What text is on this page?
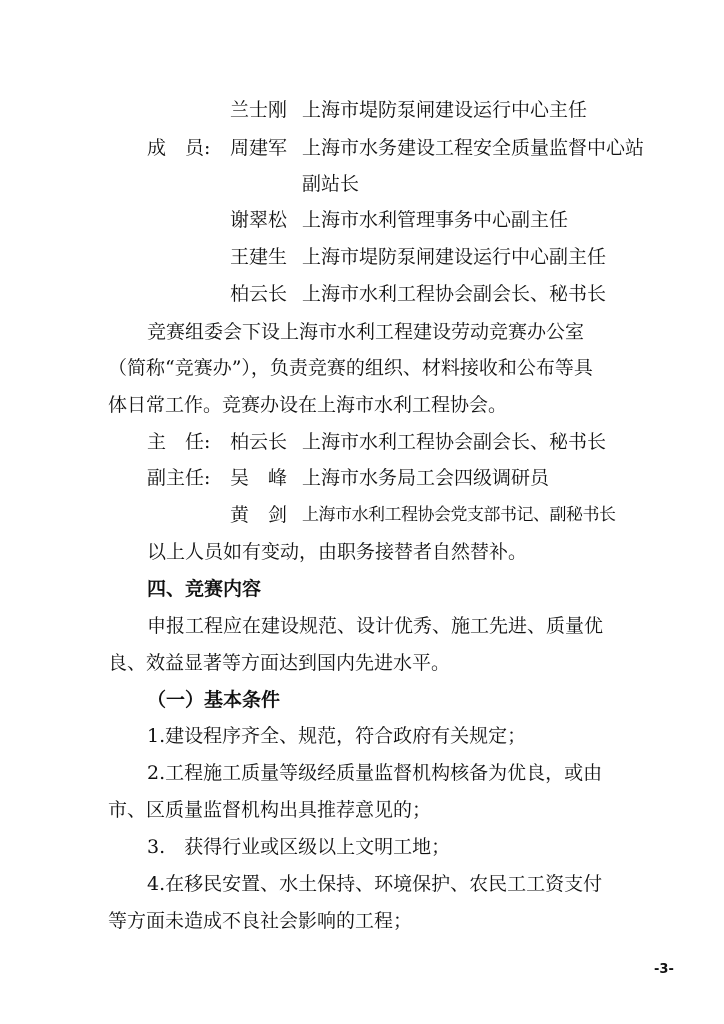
兰士刚 上海市堤防泵闸建设运行中心主任
成　员: 周建军 上海市水务建设工程安全质量监督中心站
副站长
谢翠松 上海市水利管理事务中心副主任
王建生 上海市堤防泵闸建设运行中心副主任
柏云长 上海市水利工程协会副会长、秘书长
竞赛组委会下设上海市水利工程建设劳动竞赛办公室
（简称“竞赛办”），负责竞赛的组织、材料接收和公布等具
体日常工作。竞赛办设在上海市水利工程协会。
主　任: 柏云长 上海市水利工程协会副会长、秘书长
副主任: 吴　峰 上海市水务局工会四级调研员
黄　剑 上海市水利工程协会党支部书记、副秘书长
以上人员如有变动，由职务接替者自然替补。
四、竞赛内容
申报工程应在建设规范、设计优秀、施工先进、质量优
良、效益显著等方面达到国内先进水平。
（一）基本条件
1.建设程序齐全、规范，符合政府有关规定；
2.工程施工质量等级经质量监督机构核备为优良，或由
市、区质量监督机构出具推荐意见的；
3.　获得行业或区级以上文明工地；
4.在移民安置、水土保持、环境保护、农民工工资支付
等方面未造成不良社会影响的工程；
-3-
